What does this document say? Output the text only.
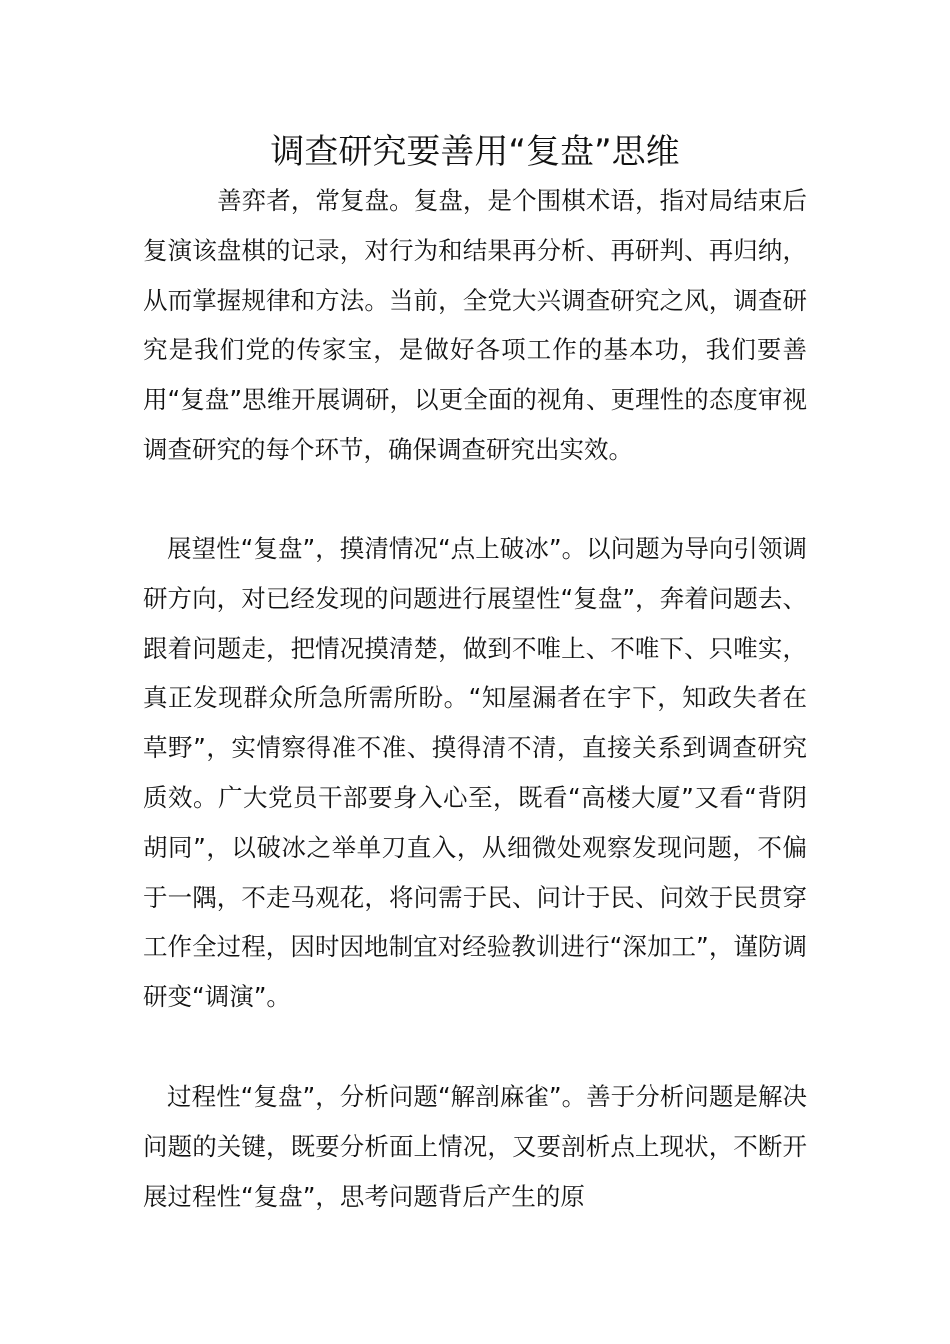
调查研究要善用“复盘”思维

善弈者，常复盘。复盘，是个围棋术语，指对局结束后复演该盘棋的记录，对行为和结果再分析、再研判、再归纳，从而掌握规律和方法。当前，全党大兴调查研究之风，调查研究是我们党的传家宝，是做好各项工作的基本功，我们要善用“复盘”思维开展调研，以更全面的视角、更理性的态度审视调查研究的每个环节，确保调查研究出实效。

展望性“复盘”，摸清情况“点上破冰”。以问题为导向引领调研方向，对已经发现的问题进行展望性“复盘”，奔着问题去、跟着问题走，把情况摸清楚，做到不唯上、不唯下、只唯实，真正发现群众所急所需所盼。“知屋漏者在宇下，知政失者在草野”，实情察得准不准、摸得清不清，直接关系到调查研究质效。广大党员干部要身入心至，既看“高楼大厦”又看“背阴胡同”，以破冰之举单刀直入，从细微处观察发现问题，不偏于一隅，不走马观花，将问需于民、问计于民、问效于民贯穿工作全过程，因时因地制宜对经验教训进行“深加工”，谨防调研变“调演”。

过程性“复盘”，分析问题“解剖麻雀”。善于分析问题是解决问题的关键，既要分析面上情况，又要剖析点上现状，不断开展过程性“复盘”，思考问题背后产生的原
